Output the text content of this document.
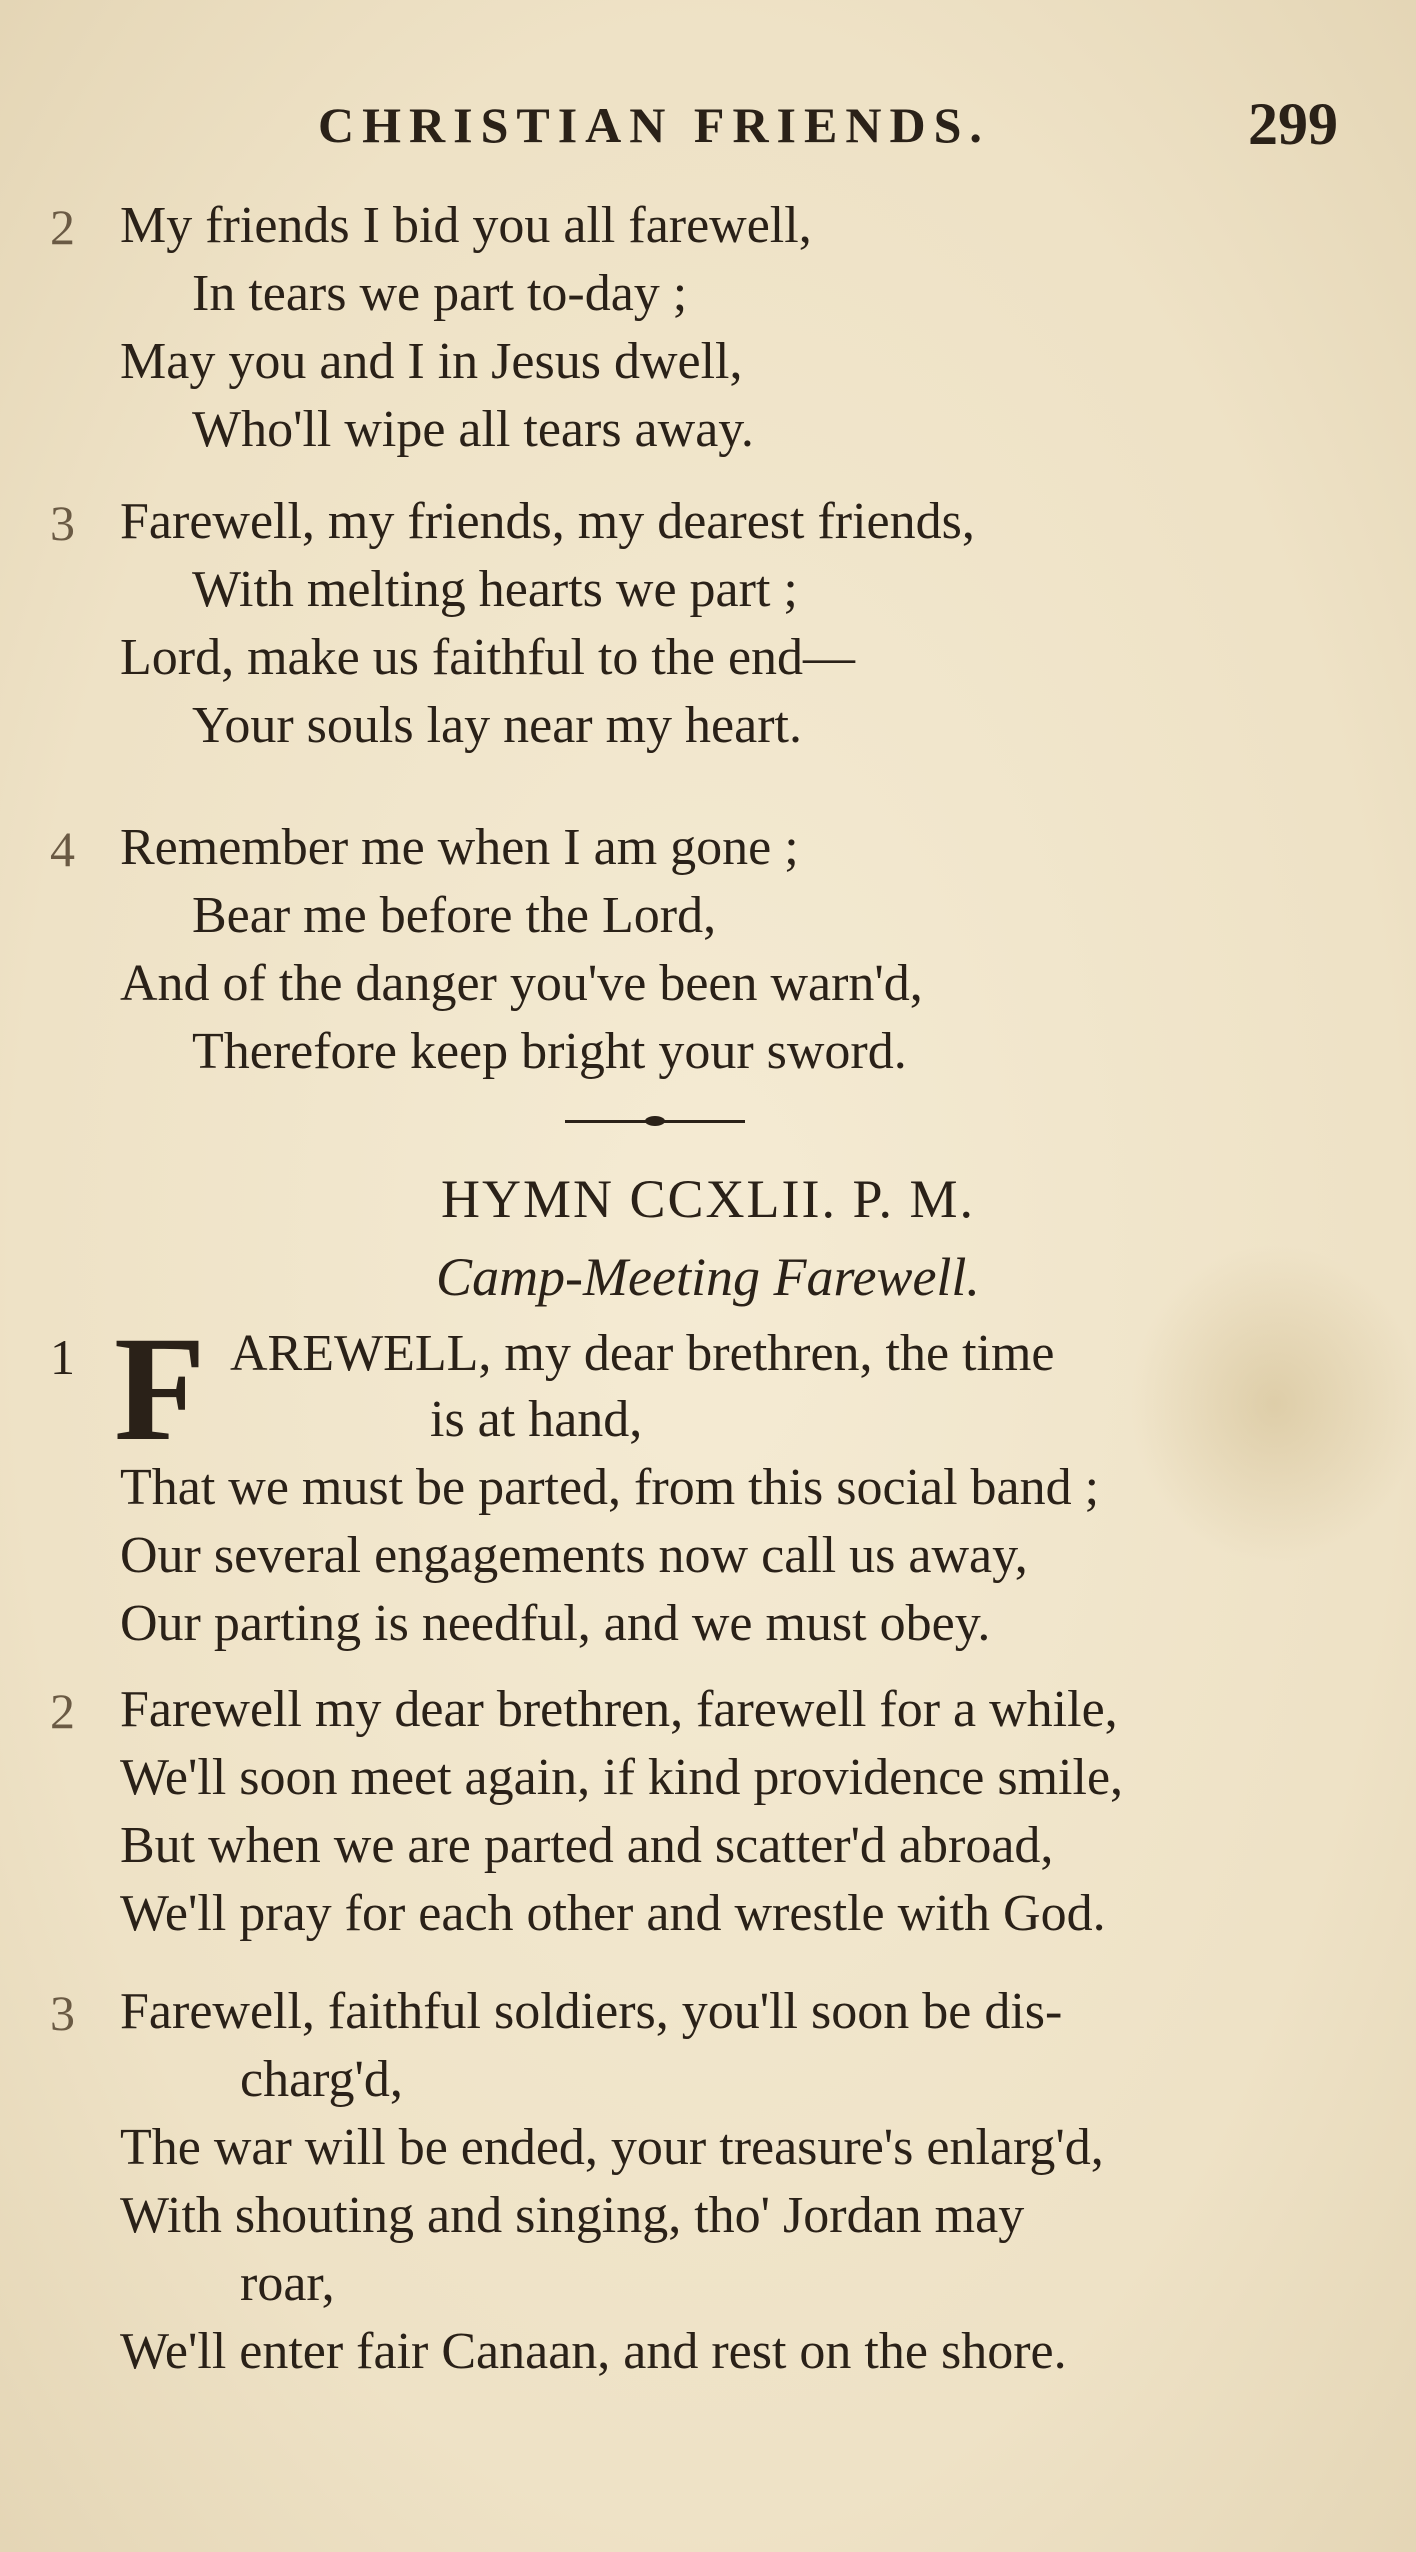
CHRISTIAN FRIENDS.	299
2 My friends I bid you all farewell,
In tears we part to-day ;
May you and I in Jesus dwell,
Who'll wipe all tears away.
3 Farewell, my friends, my dearest friends,
With melting hearts we part ;
Lord, make us faithful to the end—
Your souls lay near my heart.
4 Remember me when I am gone ;
Bear me before the Lord,
And of the danger you've been warn'd,
Therefore keep bright your sword.
HYMN CCXLII. P. M.
Camp-Meeting Farewell.
1 F AREWELL, my dear brethren, the time
is at hand,
That we must be parted, from this social band ;
Our several engagements now call us away,
Our parting is needful, and we must obey.
2 Farewell my dear brethren, farewell for a while,
We'll soon meet again, if kind providence smile,
But when we are parted and scatter'd abroad,
We'll pray for each other and wrestle with God.
3 Farewell, faithful soldiers, you'll soon be dis-
charg'd,
The war will be ended, your treasure's enlarg'd,
With shouting and singing, tho' Jordan may
roar,
We'll enter fair Canaan, and rest on the shore.
